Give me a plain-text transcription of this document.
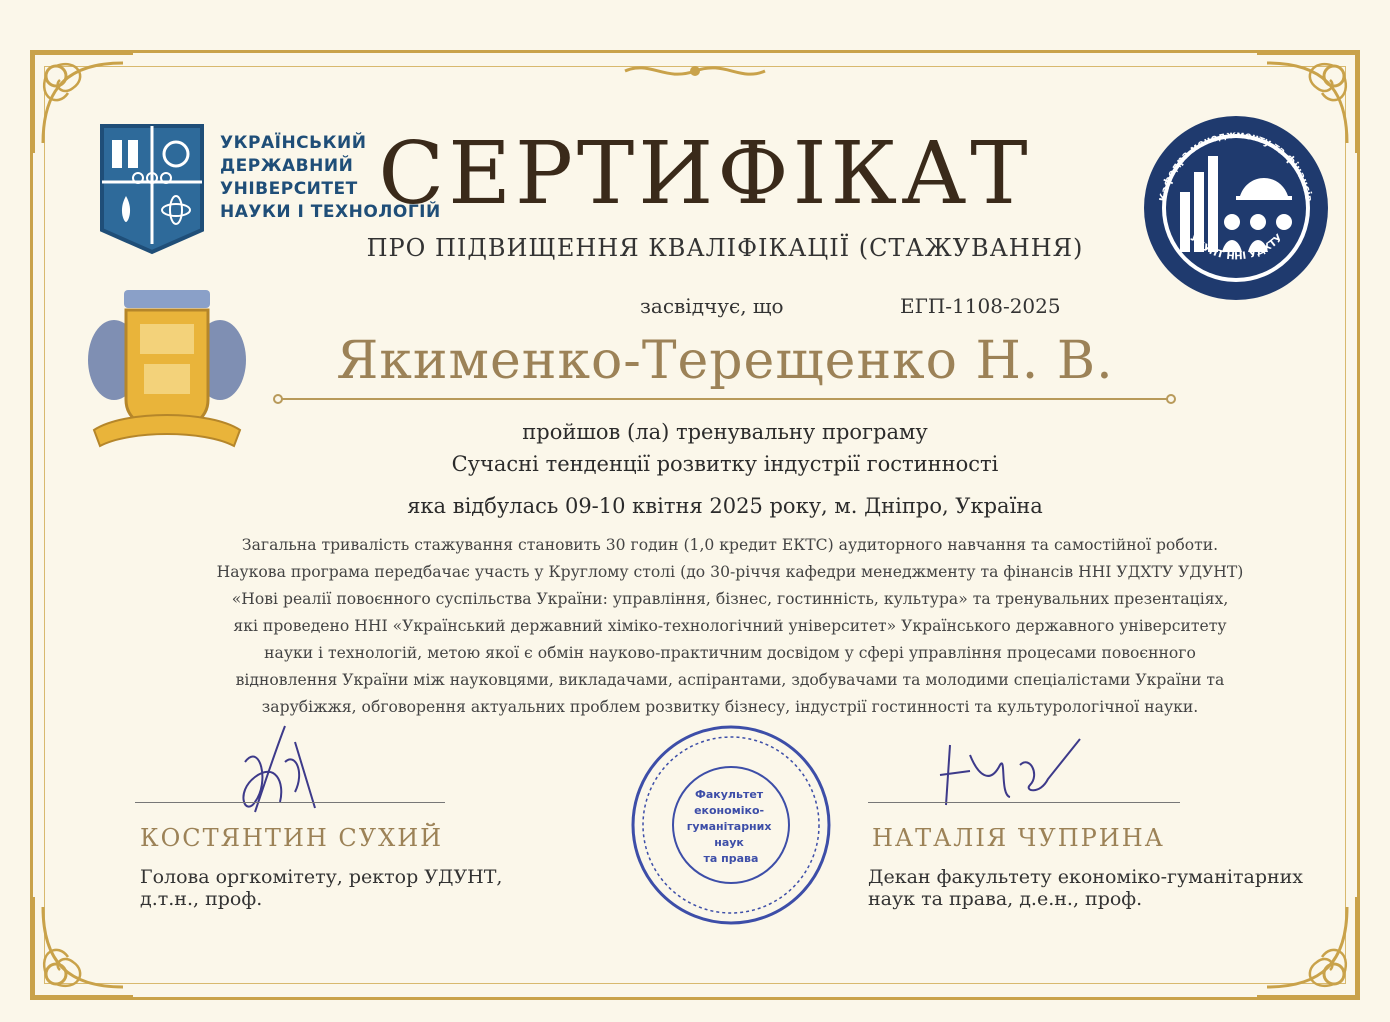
УКРАЇНСЬКИЙ
ДЕРЖАВНИЙ
УНІВЕРСИТЕТ
НАУКИ І ТЕХНОЛОГІЙ
Кафедра менеджменту та фінансів
УДУНТ ННІ УДХТУ
СЕРТИФІКАТ
ПРО ПІДВИЩЕННЯ КВАЛІФІКАЦІЇ (СТАЖУВАННЯ)
засвідчує, що	ЕГП-1108-2025
Якименко-Терещенко Н. В.
пройшов (ла) тренувальну програму
Сучасні тенденції розвитку індустрії гостинності
яка відбулась 09-10 квітня 2025 року, м. Дніпро, Україна
Загальна тривалість стажування становить 30 годин (1,0 кредит ЕКТС) аудиторного навчання та самостійної роботи.
Наукова програма передбачає участь у Круглому столі (до 30-річчя кафедри менеджменту та фінансів ННІ УДХТУ УДУНТ)
«Нові реалії повоєнного суспільства України: управління, бізнес, гостинність, культура» та тренувальних презентаціях,
які проведено ННІ «Український державний хіміко-технологічний університет» Українського державного університету
науки і технологій, метою якої є обмін науково-практичним досвідом у сфері управління процесами повоєнного
відновлення України між науковцями, викладачами, аспірантами, здобувачами та молодими спеціалістами України та
зарубіжжя, обговорення актуальних проблем розвитку бізнесу, індустрії гостинності та культурологічної науки.
КОСТЯНТИН СУХИЙ
Голова оргкомітету, ректор УДУНТ,
д.т.н., проф.
Факультет економіко- гуманітарних наук та права
НАТАЛІЯ ЧУПРИНА
Декан факультету економіко-гуманітарних
наук та права, д.е.н., проф.
